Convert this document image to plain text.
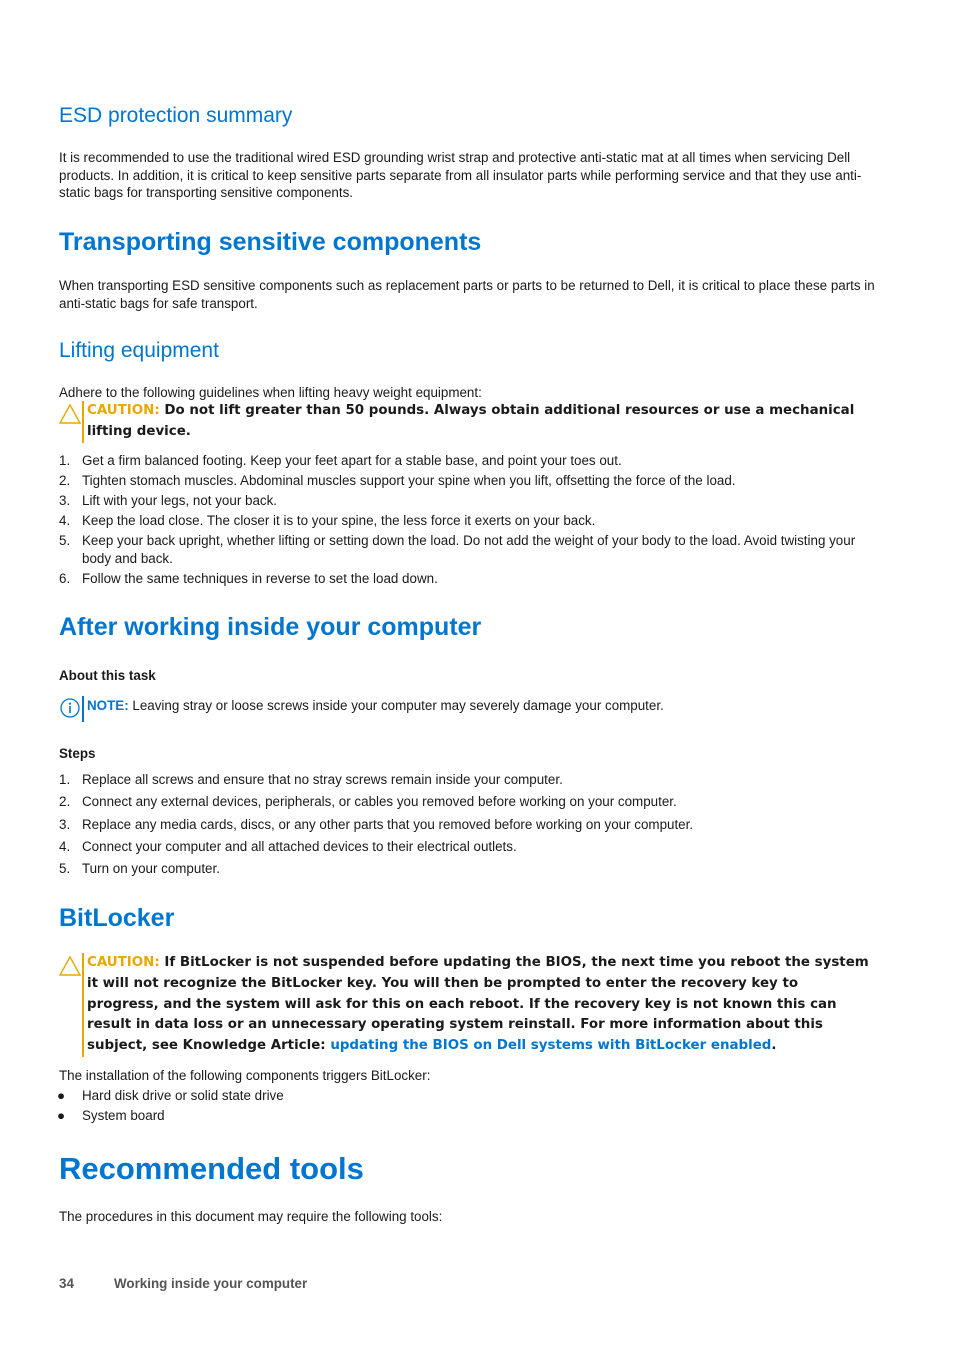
ESD protection summary

It is recommended to use the traditional wired ESD grounding wrist strap and protective anti-static mat at all times when servicing Dell products. In addition, it is critical to keep sensitive parts separate from all insulator parts while performing service and that they use anti-static bags for transporting sensitive components.

Transporting sensitive components

When transporting ESD sensitive components such as replacement parts or parts to be returned to Dell, it is critical to place these parts in anti-static bags for safe transport.

Lifting equipment

Adhere to the following guidelines when lifting heavy weight equipment:

CAUTION: Do not lift greater than 50 pounds. Always obtain additional resources or use a mechanical lifting device.
1. Get a firm balanced footing. Keep your feet apart for a stable base, and point your toes out.
2. Tighten stomach muscles. Abdominal muscles support your spine when you lift, offsetting the force of the load.
3. Lift with your legs, not your back.
4. Keep the load close. The closer it is to your spine, the less force it exerts on your back.
5. Keep your back upright, whether lifting or setting down the load. Do not add the weight of your body to the load. Avoid twisting your body and back.
6. Follow the same techniques in reverse to set the load down.
After working inside your computer

About this task

NOTE: Leaving stray or loose screws inside your computer may severely damage your computer.

Steps

1. Replace all screws and ensure that no stray screws remain inside your computer.
2. Connect any external devices, peripherals, or cables you removed before working on your computer.
3. Replace any media cards, discs, or any other parts that you removed before working on your computer.
4. Connect your computer and all attached devices to their electrical outlets.
5. Turn on your computer.
BitLocker
CAUTION: If BitLocker is not suspended before updating the BIOS, the next time you reboot the system it will not recognize the BitLocker key. You will then be prompted to enter the recovery key to progress, and the system will ask for this on each reboot. If the recovery key is not known this can result in data loss or an unnecessary operating system reinstall. For more information about this subject, see Knowledge Article: updating the BIOS on Dell systems with BitLocker enabled.

The installation of the following components triggers BitLocker:

● Hard disk drive or solid state drive
● System board
Recommended tools

The procedures in this document may require the following tools:

34	Working inside your computer
